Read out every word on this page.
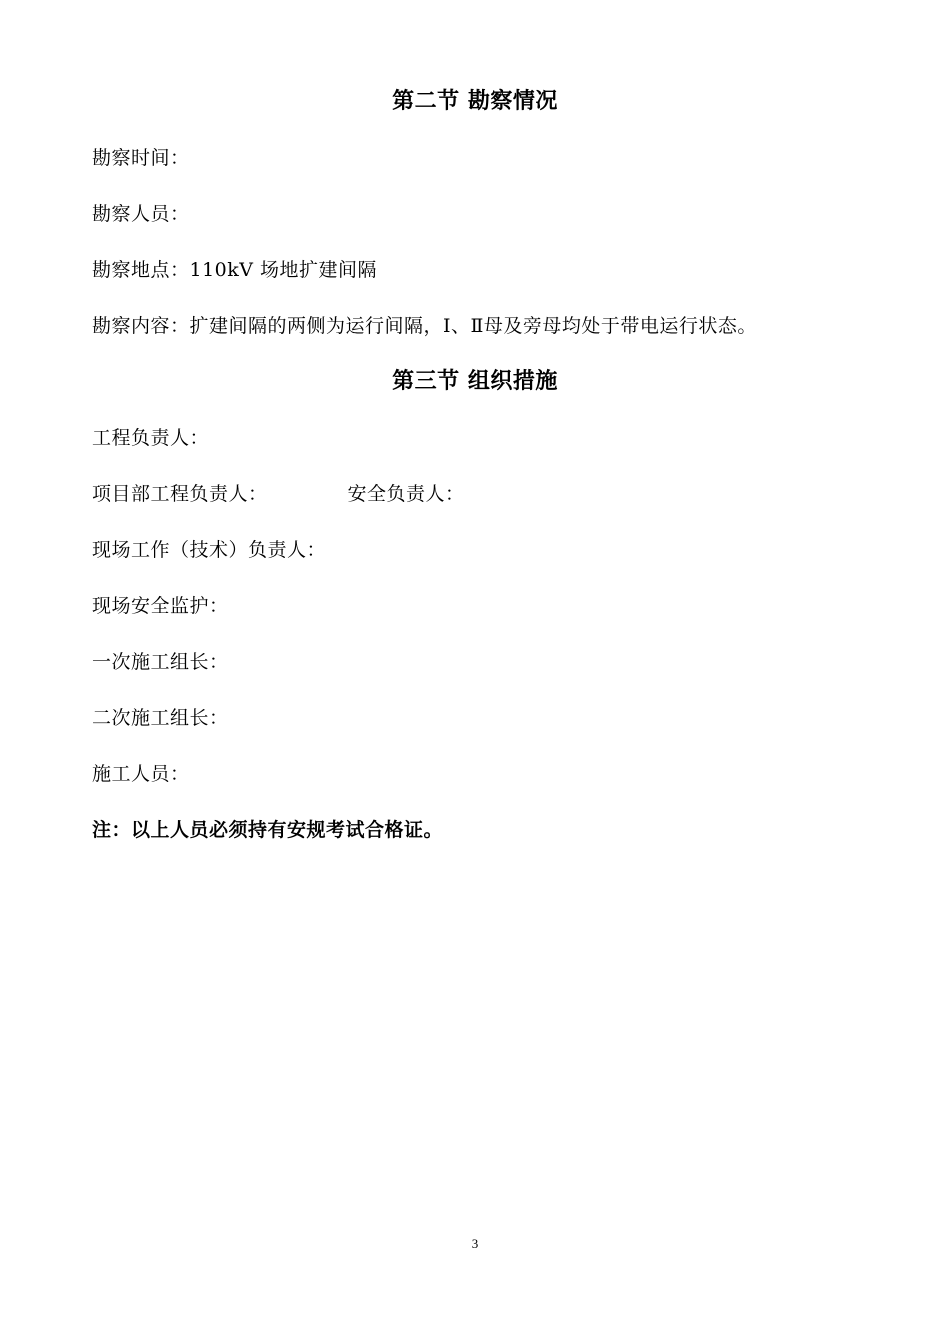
第二节 勘察情况
勘察时间：
勘察人员：
勘察地点：110kV 场地扩建间隔
勘察内容：扩建间隔的两侧为运行间隔，Ⅰ、Ⅱ母及旁母均处于带电运行状态。
第三节 组织措施
工程负责人：
项目部工程负责人：	安全负责人：
现场工作（技术）负责人：
现场安全监护：
一次施工组长：
二次施工组长：
施工人员：
注：以上人员必须持有安规考试合格证。
3
